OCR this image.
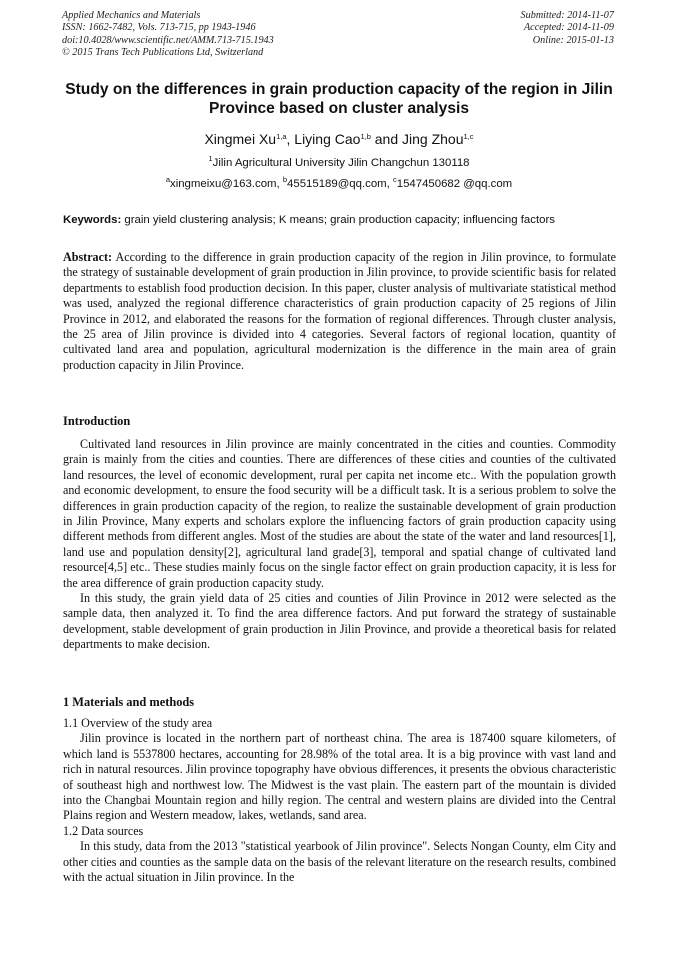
Applied Mechanics and Materials
ISSN: 1662-7482, Vols. 713-715, pp 1943-1946
doi:10.4028/www.scientific.net/AMM.713-715.1943
© 2015 Trans Tech Publications Ltd, Switzerland
Submitted: 2014-11-07
Accepted: 2014-11-09
Online: 2015-01-13
Study on the differences in grain production capacity of the region in Jilin Province based on cluster analysis
Xingmei Xu$^{1,a}$, Liying Cao$^{1,b}$ and Jing Zhou$^{1,c}$
$^1$Jilin Agricultural University Jilin Changchun 130118
$^a$xingmeixu@163.com, $^b$45515189@qq.com, $^c$1547450682 @qq.com
Keywords: grain yield clustering analysis; K means; grain production capacity; influencing factors
Abstract: According to the difference in grain production capacity of the region in Jilin province, to formulate the strategy of sustainable development of grain production in Jilin province, to provide scientific basis for related departments to establish food production decision. In this paper, cluster analysis of multivariate statistical method was used, analyzed the regional difference characteristics of grain production capacity of 25 regions of Jilin Province in 2012, and elaborated the reasons for the formation of regional differences. Through cluster analysis, the 25 area of Jilin province is divided into 4 categories. Several factors of regional location, quantity of cultivated land area and population, agricultural modernization is the difference in the main area of grain production capacity in Jilin Province.
Introduction

Cultivated land resources in Jilin province are mainly concentrated in the cities and counties. Commodity grain is mainly from the cities and counties. There are differences of these cities and counties of the cultivated land resources, the level of economic development, rural per capita net income etc.. With the population growth and economic development, to ensure the food security will be a difficult task. It is a serious problem to solve the differences in grain production capacity of the region, to realize the sustainable development of grain production in Jilin Province, Many experts and scholars explore the influencing factors of grain production capacity using different methods from different angles. Most of the studies are about the state of the water and land resources[1], land use and population density[2], agricultural land grade[3], temporal and spatial change of cultivated land resource[4,5] etc.. These studies mainly focus on the single factor effect on grain production capacity, it is less for the area difference of grain production capacity study.

In this study, the grain yield data of 25 cities and counties of Jilin Province in 2012 were selected as the sample data, then analyzed it. To find the area difference factors. And put forward the strategy of sustainable development, stable development of grain production in Jilin Province, and provide a theoretical basis for related departments to make decision.

1 Materials and methods

1.1 Overview of the study area

Jilin province is located in the northern part of northeast china. The area is 187400 square kilometers, of which land is 5537800 hectares, accounting for 28.98% of the total area. It is a big province with vast land and rich in natural resources. Jilin province topography have obvious differences, it presents the obvious characteristic of southeast high and northwest low. The Midwest is the vast plain. The eastern part of the mountain is divided into the Changbai Mountain region and hilly region. The central and western plains are divided into the Central Plains region and Western meadow, lakes, wetlands, sand area.

1.2 Data sources

In this study, data from the 2013 "statistical yearbook of Jilin province". Selects Nongan County, elm City and other cities and counties as the sample data on the basis of the relevant literature on the research results, combined with the actual situation in Jilin province. In the
